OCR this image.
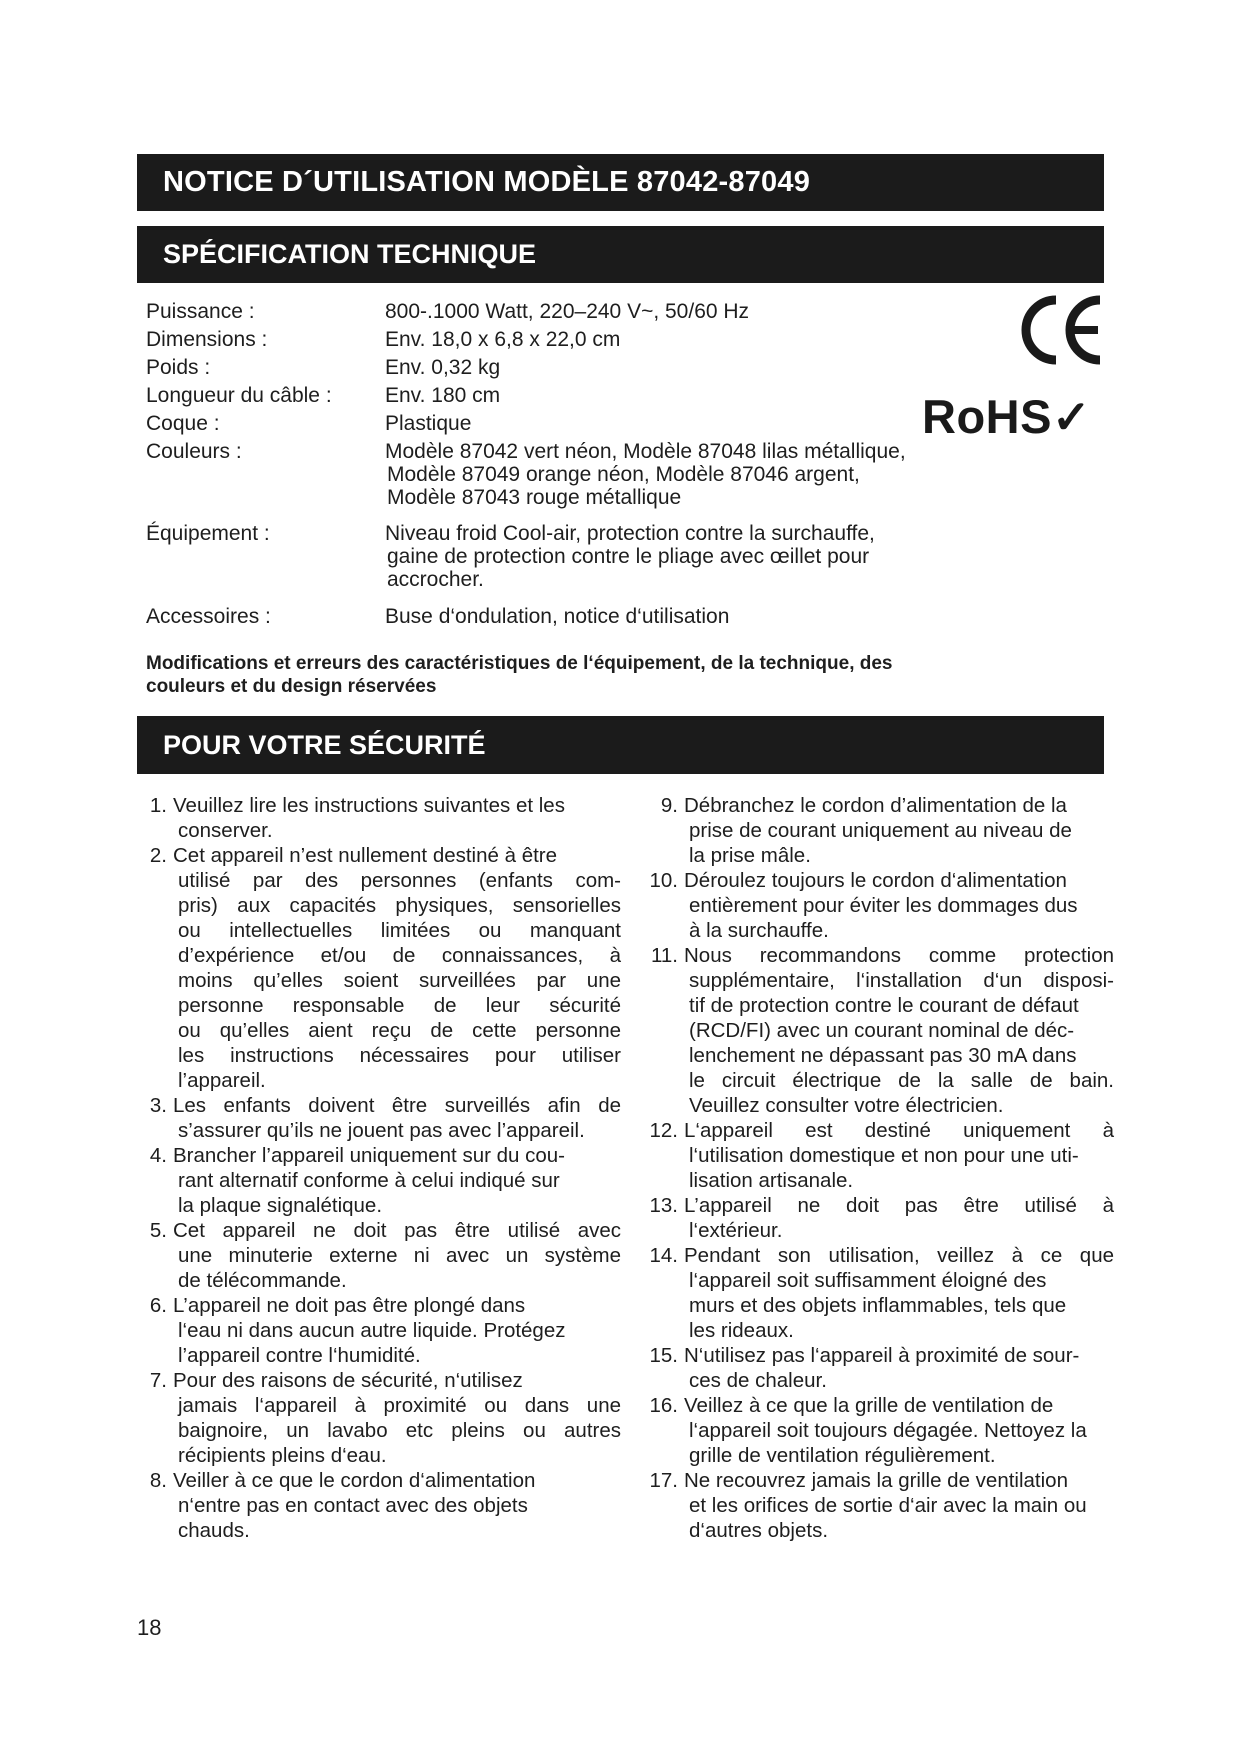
NOTICE D´UTILISATION MODÈLE 87042-87049
SPÉCIFICATION TECHNIQUE
Puissance :	800-.1000 Watt, 220–240 V~, 50/60 Hz
Dimensions :	Env. 18,0 x 6,8 x 22,0 cm
Poids :	Env. 0,32 kg
Longueur du câble :	Env. 180 cm
Coque :	Plastique
Couleurs :	Modèle 87042 vert néon, Modèle 87048 lilas métallique,
Modèle 87049 orange néon, Modèle 87046 argent,
Modèle 87043 rouge métallique
Équipement :	Niveau froid Cool-air, protection contre la surchauffe,
gaine de protection contre le pliage avec œillet pour
accrocher.
Accessoires :	Buse d‘ondulation, notice d‘utilisation
RoHS✓
Modifications et erreurs des caractéristiques de l‘équipement, de la technique, des couleurs et du design réservées
POUR VOTRE SÉCURITÉ
1. Veuillez lire les instructions suivantes et les
conserver.
2. Cet appareil n’est nullement destiné à être
utilisé par des personnes (enfants com-
pris) aux capacités physiques, sensorielles
ou intellectuelles limitées ou manquant
d’expérience et/ou de connaissances, à
moins qu’elles soient surveillées par une
personne responsable de leur sécurité
ou qu’elles aient reçu de cette personne
les instructions nécessaires pour utiliser
l’appareil.
3. Les enfants doivent être surveillés afin de
s’assurer qu’ils ne jouent pas avec l’appareil.
4. Brancher l’appareil uniquement sur du cou-
rant alternatif conforme à celui indiqué sur
la plaque signalétique.
5. Cet appareil ne doit pas être utilisé avec
une minuterie externe ni avec un système
de télécommande.
6. L’appareil ne doit pas être plongé dans
l‘eau ni dans aucun autre liquide. Protégez
l’appareil contre l‘humidité.
7. Pour des raisons de sécurité, n‘utilisez
jamais l‘appareil à proximité ou dans une
baignoire, un lavabo etc pleins ou autres
récipients pleins d‘eau.
8. Veiller à ce que le cordon d‘alimentation
n‘entre pas en contact avec des objets
chauds.
9. Débranchez le cordon d’alimentation de la
prise de courant uniquement au niveau de
la prise mâle.
10. Déroulez toujours le cordon d‘alimentation
entièrement pour éviter les dommages dus
à la surchauffe.
11. Nous recommandons comme protection
supplémentaire, l‘installation d‘un disposi-
tif de protection contre le courant de défaut
(RCD/FI) avec un courant nominal de déc-
lenchement ne dépassant pas 30 mA dans
le circuit électrique de la salle de bain.
Veuillez consulter votre électricien.
12. L‘appareil est destiné uniquement à
l‘utilisation domestique et non pour une uti-
lisation artisanale.
13. L’appareil ne doit pas être utilisé à
l‘extérieur.
14. Pendant son utilisation, veillez à ce que
l‘appareil soit suffisamment éloigné des
murs et des objets inflammables, tels que
les rideaux.
15. N‘utilisez pas l‘appareil à proximité de sour-
ces de chaleur.
16. Veillez à ce que la grille de ventilation de
l‘appareil soit toujours dégagée. Nettoyez la
grille de ventilation régulièrement.
17. Ne recouvrez jamais la grille de ventilation
et les orifices de sortie d‘air avec la main ou
d‘autres objets.
18
